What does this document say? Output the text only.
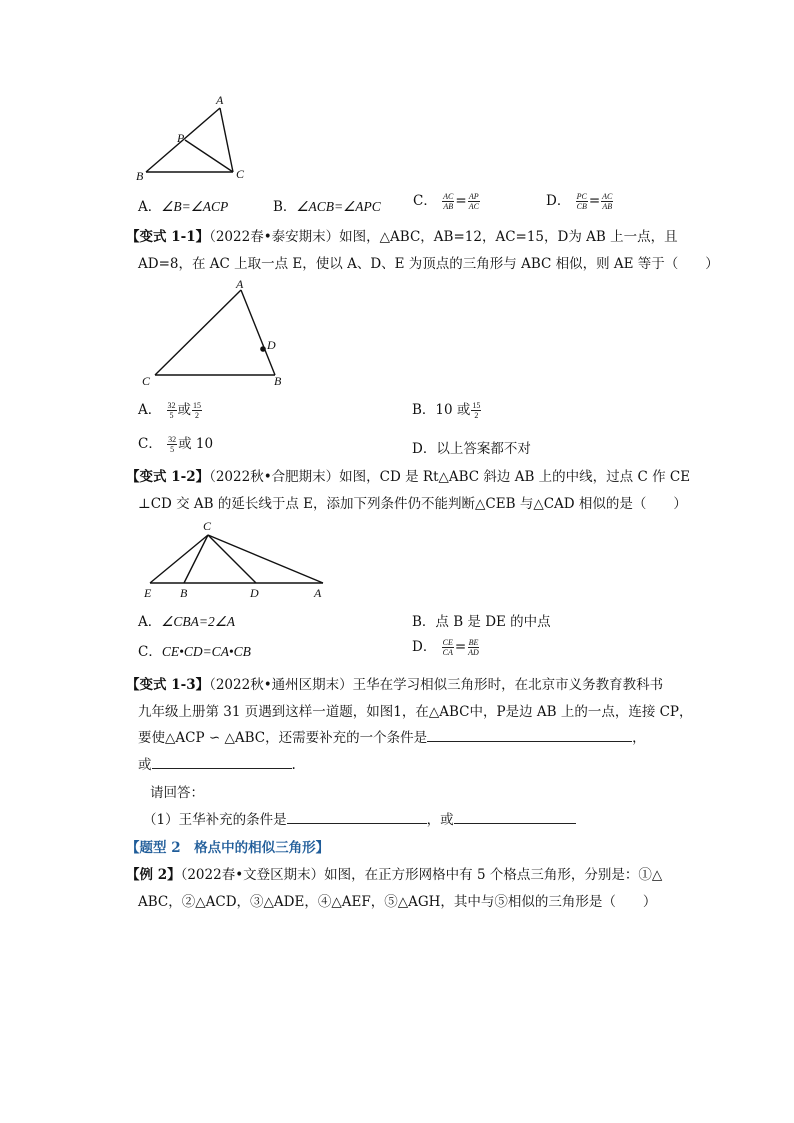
A
P
B	C
A．∠B=∠ACP	B．∠ACB=∠APC C． $\frac{AC}{AB} = \frac{AP}{AC}$	D． $\frac{PC}{CB} = \frac{AC}{AB}$
【变式 1-1】（2022春•泰安期末）如图，△ABC，AB=12，AC=15，D为 AB 上一点，且
AD=8，在 AC 上取一点 E，使以 A、D、E 为顶点的三角形与 ABC 相似，则 AE 等于（　　）
A
D
C	B
A． $\frac{32}{5}$ 或 $\frac{15}{2}$	B．10 或 $\frac{15}{2}$
C． $\frac{32}{5}$ 或 10	D．以上答案都不对
【变式 1-2】（2022秋•合肥期末）如图，CD 是 Rt△ABC 斜边 AB 上的中线，过点 C 作 CE
⊥CD 交 AB 的延长线于点 E，添加下列条件仍不能判断△CEB 与△CAD 相似的是（　　）
C
E B	D	A
A．∠CBA=2∠A	B．点 B 是 DE 的中点
C．CE•CD=CA•CB	D． $\frac{CE}{CA} = \frac{BE}{AD}$
【变式 1-3】（2022秋•通州区期末）王华在学习相似三角形时，在北京市义务教育教科书
九年级上册第 31 页遇到这样一道题，如图1，在△ABC中，P是边 AB 上的一点，连接 CP，
要使△ACP ∽ △ABC，还需要补充的一个条件是	，
或	.
请回答：
（1）王华补充的条件是	，或
【题型 2　格点中的相似三角形】
【例 2】（2022春•文登区期末）如图，在正方形网格中有 5 个格点三角形，分别是：①△
ABC，②△ACD，③△ADE，④△AEF，⑤△AGH，其中与⑤相似的三角形是（　　）
